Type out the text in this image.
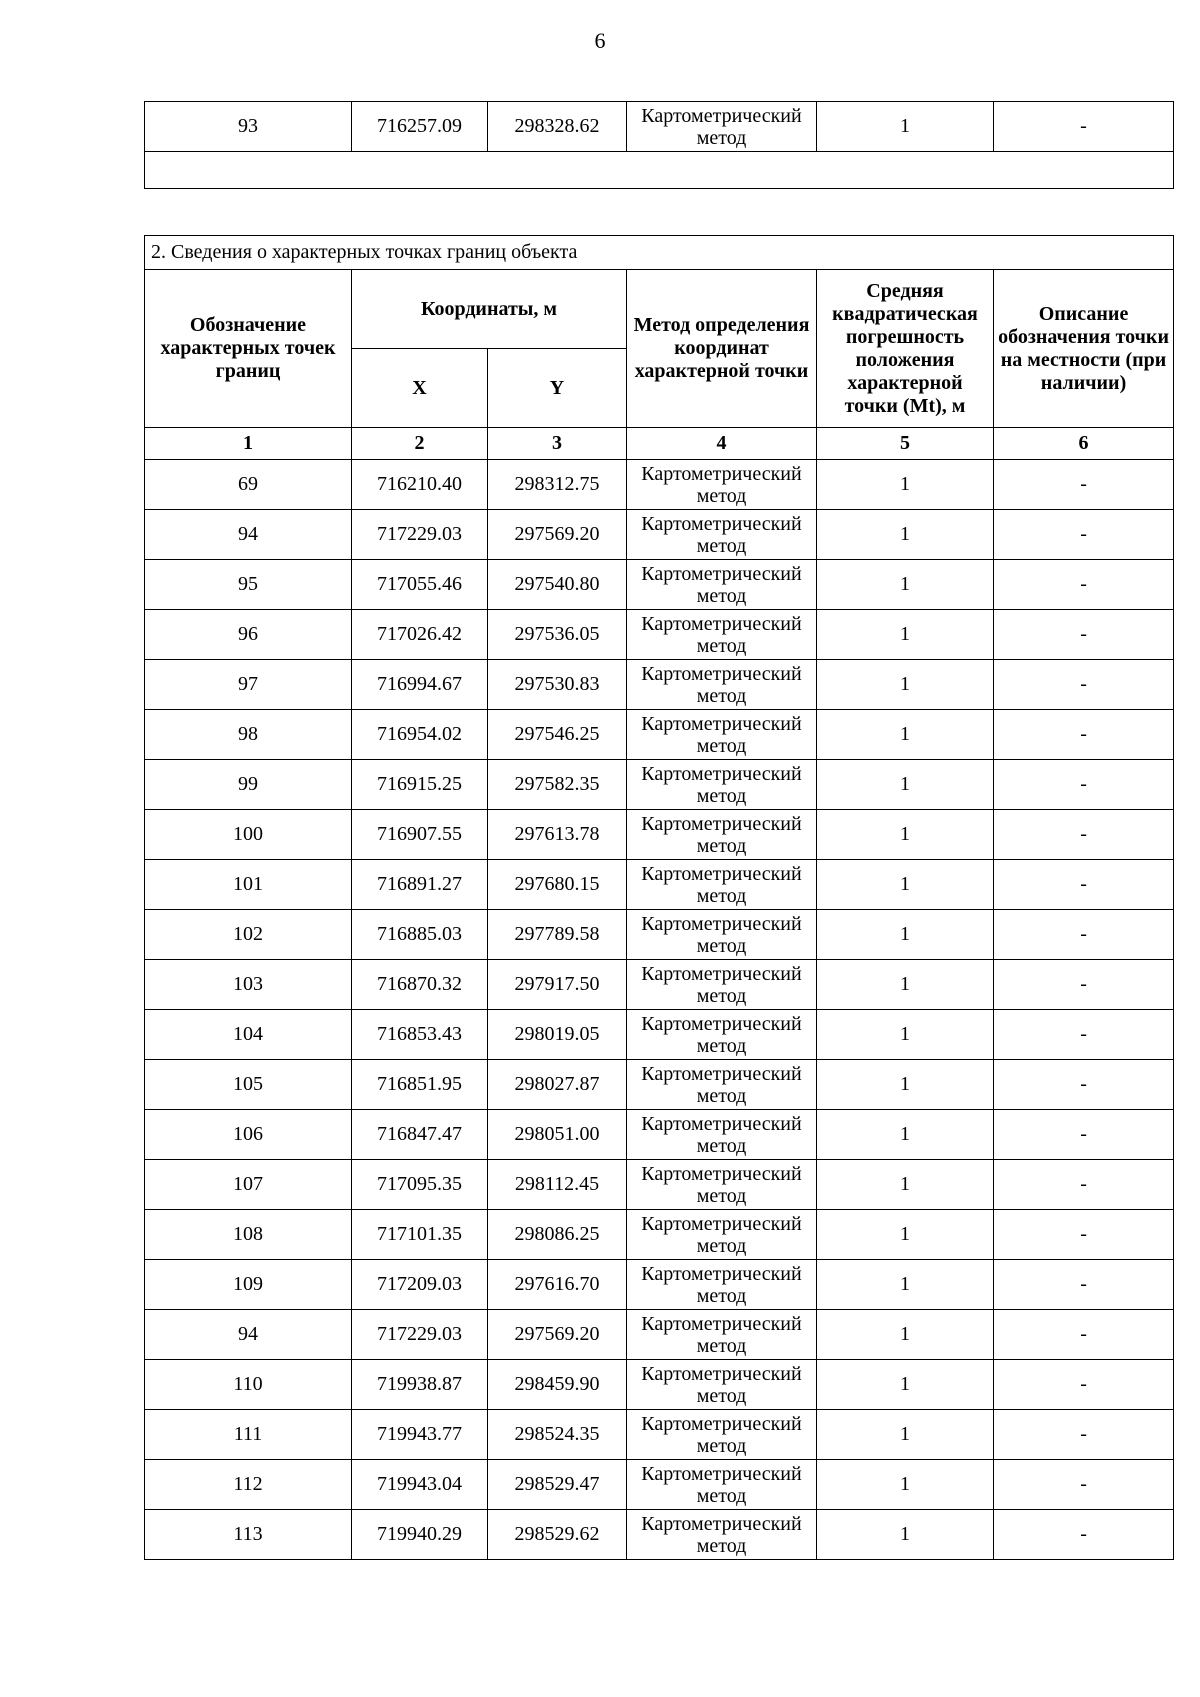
6
93	716257.09	298328.62	Картометрический метод	1	-

2. Сведения о характерных точках границ объекта					
Обозначение характерных точек границ	Координаты, м		Метод определения координат характерной точки	Средняя квадратическая погрешность положения характерной точки (Mt), м	Описание обозначения точки на местности (при наличии)
	X	Y			
1	2	3	4	5	6
69	716210.40	298312.75	Картометрический метод	1	-
94	717229.03	297569.20	Картометрический метод	1	-
95	717055.46	297540.80	Картометрический метод	1	-
96	717026.42	297536.05	Картометрический метод	1	-
97	716994.67	297530.83	Картометрический метод	1	-
98	716954.02	297546.25	Картометрический метод	1	-
99	716915.25	297582.35	Картометрический метод	1	-
100	716907.55	297613.78	Картометрический метод	1	-
101	716891.27	297680.15	Картометрический метод	1	-
102	716885.03	297789.58	Картометрический метод	1	-
103	716870.32	297917.50	Картометрический метод	1	-
104	716853.43	298019.05	Картометрический метод	1	-
105	716851.95	298027.87	Картометрический метод	1	-
106	716847.47	298051.00	Картометрический метод	1	-
107	717095.35	298112.45	Картометрический метод	1	-
108	717101.35	298086.25	Картометрический метод	1	-
109	717209.03	297616.70	Картометрический метод	1	-
94	717229.03	297569.20	Картометрический метод	1	-
110	719938.87	298459.90	Картометрический метод	1	-
111	719943.77	298524.35	Картометрический метод	1	-
112	719943.04	298529.47	Картометрический метод	1	-
113	719940.29	298529.62	Картометрический метод	1	-
